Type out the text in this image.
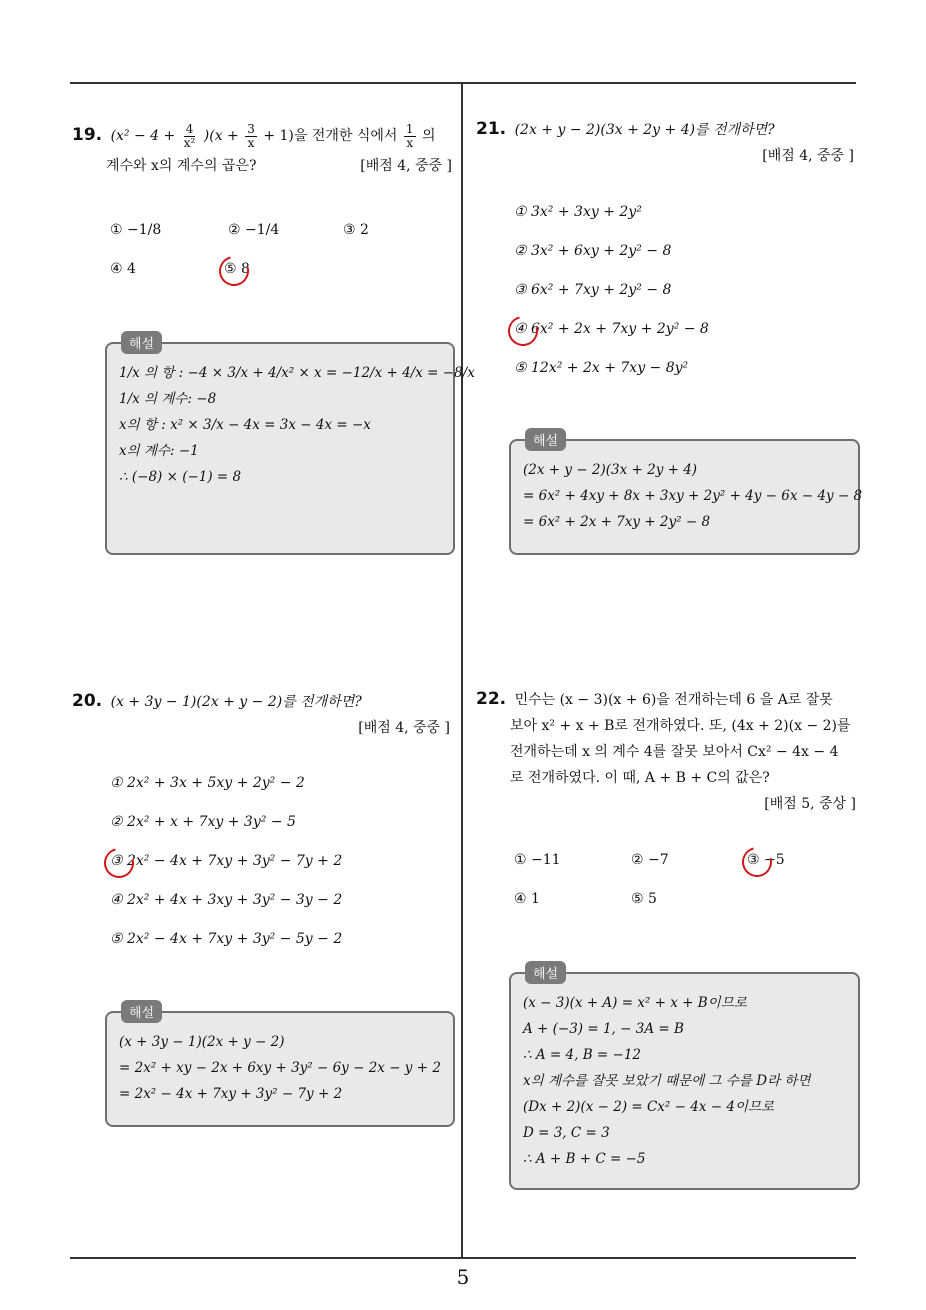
5
19. $(x^2 - 4 + \frac{4}{\text{x²}} )(x + \frac{3}{x} + 1)$을 전개한 식에서 $\frac{1}{x}$ 의
계수와 x의 계수의 곱은?	[배점 4, 중중 ]
① −1/8	② −1/4	③ 2
④ 4	⑤ 8
해설
1/x 의 항 : −4 × 3/x + 4/x² × x = −12/x + 4/x = −8/x
1/x 의 계수: −8
x의 항 : x² × 3/x − 4x = 3x − 4x = −x
x의 계수: −1
∴ (−8) × (−1) = 8
20. (x + 3y − 1)(2x + y − 2)를 전개하면?
[배점 4, 중중 ]
① 2x² + 3x + 5xy + 2y² − 2
② 2x² + x + 7xy + 3y² − 5
③ 2x² − 4x + 7xy + 3y² − 7y + 2
④ 2x² + 4x + 3xy + 3y² − 3y − 2
⑤ 2x² − 4x + 7xy + 3y² − 5y − 2
해설
(x + 3y − 1)(2x + y − 2)
= 2x² + xy − 2x + 6xy + 3y² − 6y − 2x − y + 2
= 2x² − 4x + 7xy + 3y² − 7y + 2
21. (2x + y − 2)(3x + 2y + 4)를 전개하면?
[배점 4, 중중 ]
① 3x² + 3xy + 2y²
② 3x² + 6xy + 2y² − 8
③ 6x² + 7xy + 2y² − 8
④ 6x² + 2x + 7xy + 2y² − 8
⑤ 12x² + 2x + 7xy − 8y²
해설
(2x + y − 2)(3x + 2y + 4)
= 6x² + 4xy + 8x + 3xy + 2y² + 4y − 6x − 4y − 8
= 6x² + 2x + 7xy + 2y² − 8
22. 민수는 (x − 3)(x + 6)을 전개하는데 6 을 A로 잘못
보아 x² + x + B로 전개하였다. 또, (4x + 2)(x − 2)를
전개하는데 x 의 계수 4를 잘못 보아서 Cx² − 4x − 4
로 전개하였다. 이 때, A + B + C의 값은?
[배점 5, 중상 ]
① −11	② −7	③ −5
④ 1	⑤ 5
해설
(x − 3)(x + A) = x² + x + B이므로
A + (−3) = 1, − 3A = B
∴ A = 4, B = −12
x의 계수를 잘못 보았기 때문에 그 수를 D라 하면
(Dx + 2)(x − 2) = Cx² − 4x − 4이므로
D = 3, C = 3
∴ A + B + C = −5
